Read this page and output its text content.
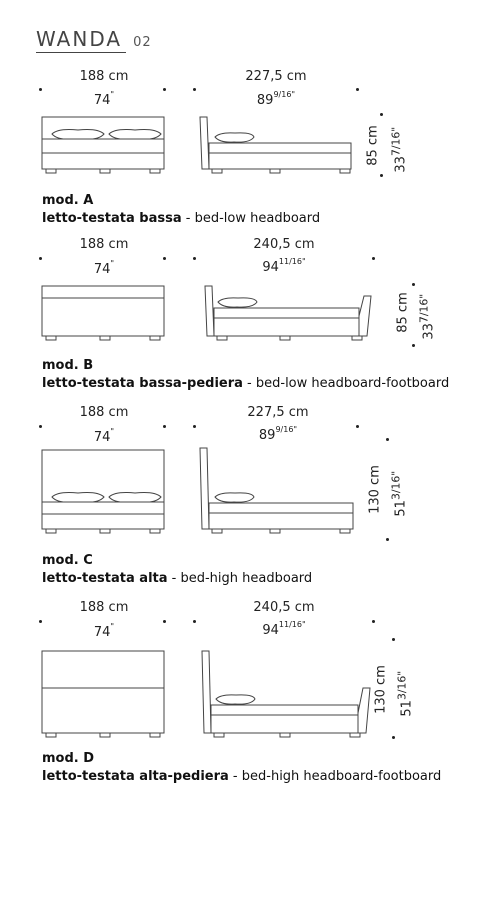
WANDA 02
188 cm
74"
227,5 cm
$89^{9/16"}$
85 cm	$33^{7/16"}$
mod. A
letto-testata bassa - bed-low headboard
188 cm
74"
240,5 cm
$94^{11/16"}$
85 cm $33^{7/16"}$
mod. B
letto-testata bassa-pediera - bed-low headboard-footboard
188 cm
74"
227,5 cm
$89^{9/16"}$
130 cm $51^{3/16"}$
mod. C
letto-testata alta - bed-high headboard
188 cm
74"
240,5 cm
$94^{11/16"}$
130 cm $51^{3/16"}$
mod. D
letto-testata alta-pediera - bed-high headboard-footboard
